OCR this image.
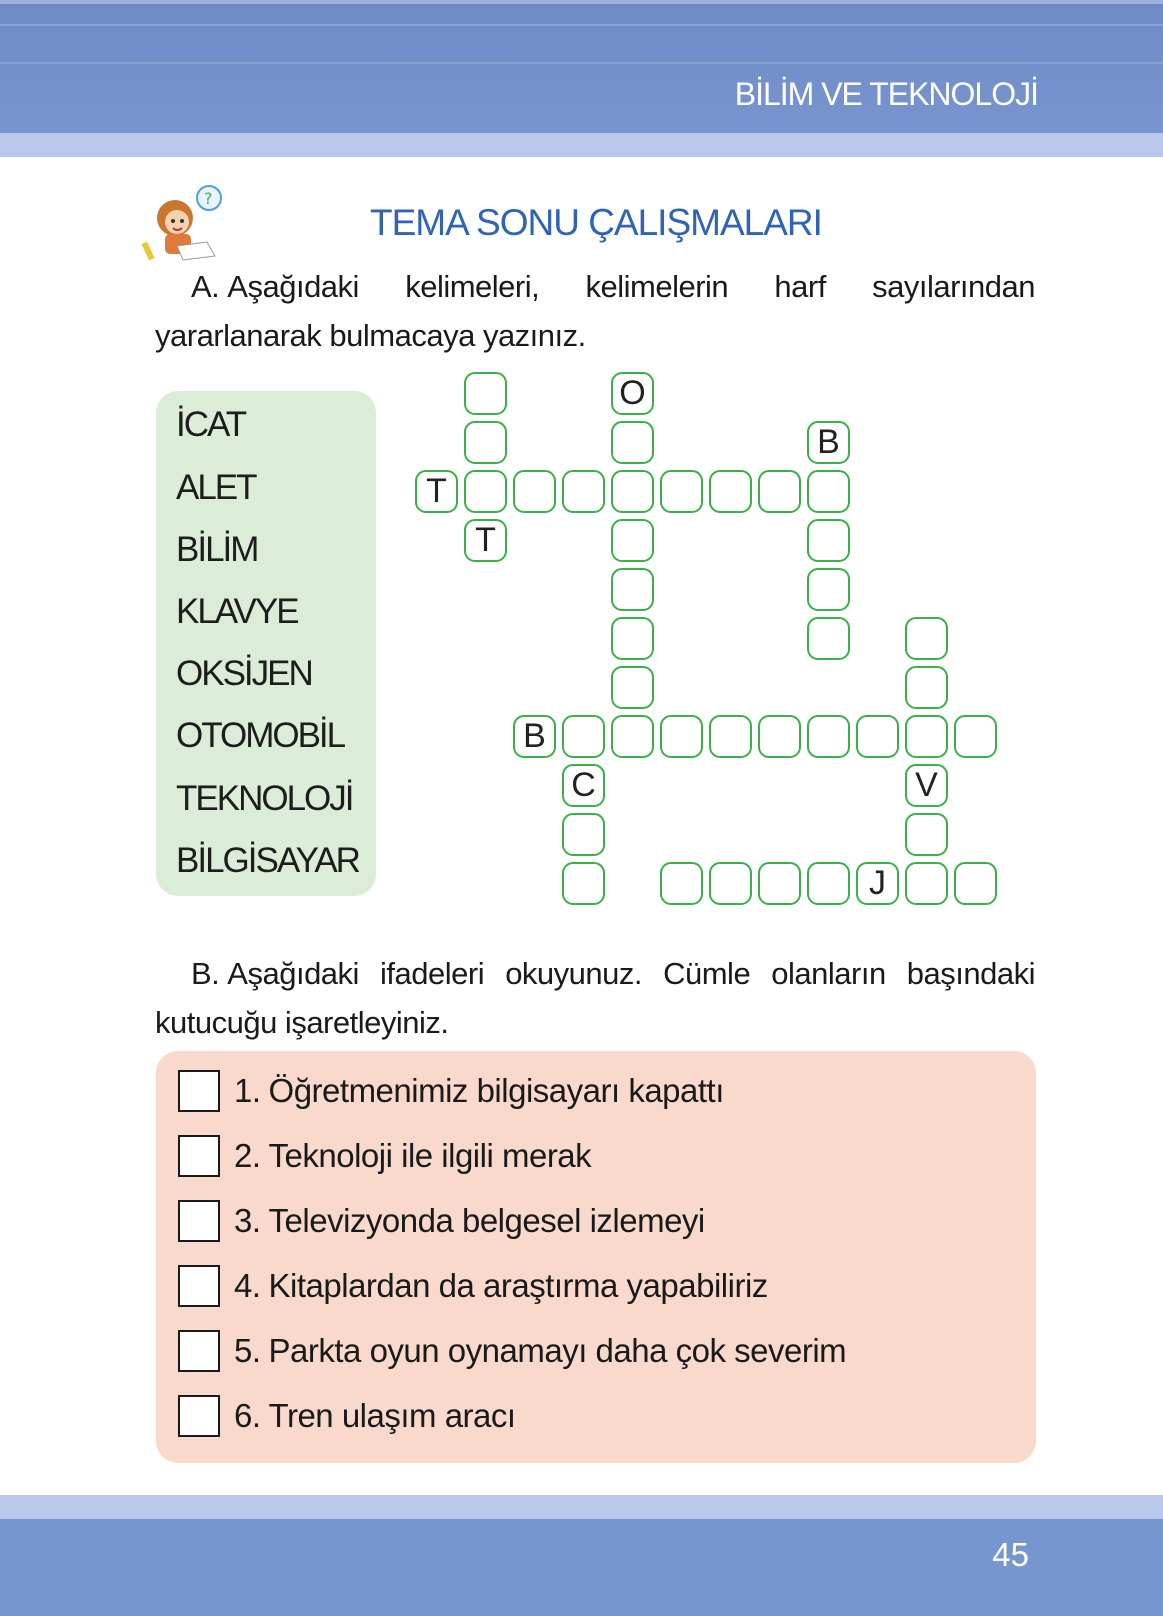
BİLİM VE TEKNOLOJİ
?
TEMA SONU ÇALIŞMALARI
A. Aşağıdaki kelimeleri, kelimelerin harf sayılarından yararlanarak bulmacaya yazınız.
İCAT
ALET
BİLİM
KLAVYE
OKSİJEN
OTOMOBİL
TEKNOLOJİ
BİLGİSAYAR
T
O
B
T
V
B
C
J
B. Aşağıdaki ifadeleri okuyunuz. Cümle olanların başındaki kutucuğu işaretleyiniz.
1. Öğretmenimiz bilgisayarı kapattı
2. Teknoloji ile ilgili merak
3. Televizyonda belgesel izlemeyi
4. Kitaplardan da araştırma yapabiliriz
5. Parkta oyun oynamayı daha çok severim
6. Tren ulaşım aracı
45
